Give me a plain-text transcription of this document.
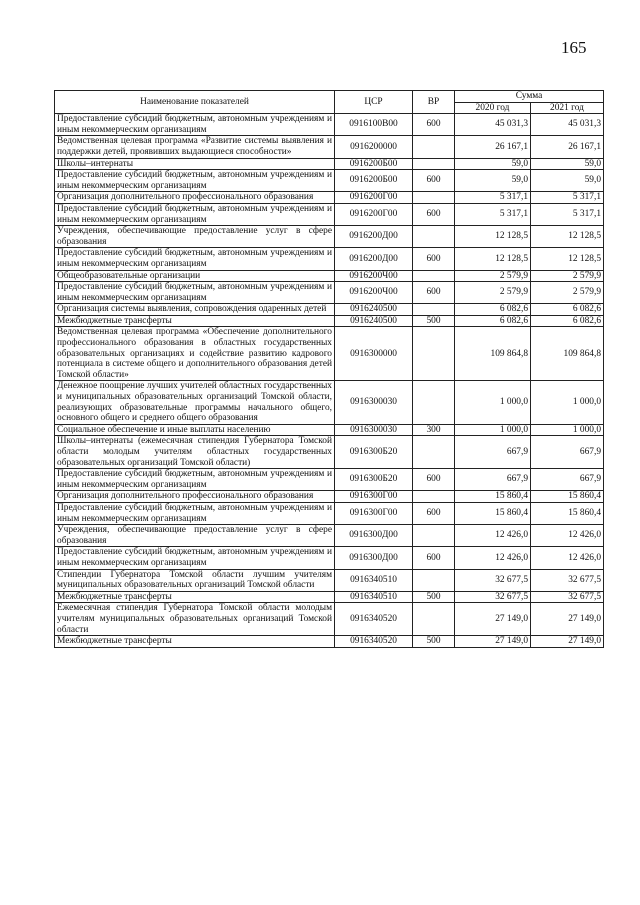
165
Наименование показателей	ЦСР	ВР	Сумма	
			2020 год	2021 год
Предоставление субсидий бюджетным, автономным учреждениям и иным некоммерческим организациям	0916100В00	600	45 031,3	45 031,3
Ведомственная целевая программа «Развитие системы выявления и поддержки детей, проявивших выдающиеся способности»	0916200000		26 167,1	26 167,1
Школы–интернаты	0916200Б00		59,0	59,0
Предоставление субсидий бюджетным, автономным учреждениям и иным некоммерческим организациям	0916200Б00	600	59,0	59,0
Организация дополнительного профессионального образования	0916200Г00		5 317,1	5 317,1
Предоставление субсидий бюджетным, автономным учреждениям и иным некоммерческим организациям	0916200Г00	600	5 317,1	5 317,1
Учреждения, обеспечивающие предоставление услуг в сфере образования	0916200Д00		12 128,5	12 128,5
Предоставление субсидий бюджетным, автономным учреждениям и иным некоммерческим организациям	0916200Д00	600	12 128,5	12 128,5
Общеобразовательные организации	0916200Ч00		2 579,9	2 579,9
Предоставление субсидий бюджетным, автономным учреждениям и иным некоммерческим организациям	0916200Ч00	600	2 579,9	2 579,9
Организация системы выявления, сопровождения одаренных детей	0916240500		6 082,6	6 082,6
Межбюджетные трансферты	0916240500	500	6 082,6	6 082,6
Ведомственная целевая программа «Обеспечение дополнительного профессионального образования в областных государственных образовательных организациях и содействие развитию кадрового потенциала в системе общего и дополнительного образования детей Томской области»	0916300000		109 864,8	109 864,8
Денежное поощрение лучших учителей областных государственных и муниципальных образовательных организаций Томской области, реализующих образовательные программы начального общего, основного общего и среднего общего образования	0916300030		1 000,0	1 000,0
Социальное обеспечение и иные выплаты населению	0916300030	300	1 000,0	1 000,0
Школы–интернаты (ежемесячная стипендия Губернатора Томской области молодым учителям областных государственных образовательных организаций Томской области)	0916300Б20		667,9	667,9
Предоставление субсидий бюджетным, автономным учреждениям и иным некоммерческим организациям	0916300Б20	600	667,9	667,9
Организация дополнительного профессионального образования	0916300Г00		15 860,4	15 860,4
Предоставление субсидий бюджетным, автономным учреждениям и иным некоммерческим организациям	0916300Г00	600	15 860,4	15 860,4
Учреждения, обеспечивающие предоставление услуг в сфере образования	0916300Д00		12 426,0	12 426,0
Предоставление субсидий бюджетным, автономным учреждениям и иным некоммерческим организациям	0916300Д00	600	12 426,0	12 426,0
Стипендии Губернатора Томской области лучшим учителям муниципальных образовательных организаций Томской области	0916340510		32 677,5	32 677,5
Межбюджетные трансферты	0916340510	500	32 677,5	32 677,5
Ежемесячная стипендия Губернатора Томской области молодым учителям муниципальных образовательных организаций Томской области	0916340520		27 149,0	27 149,0
Межбюджетные трансферты	0916340520	500	27 149,0	27 149,0
